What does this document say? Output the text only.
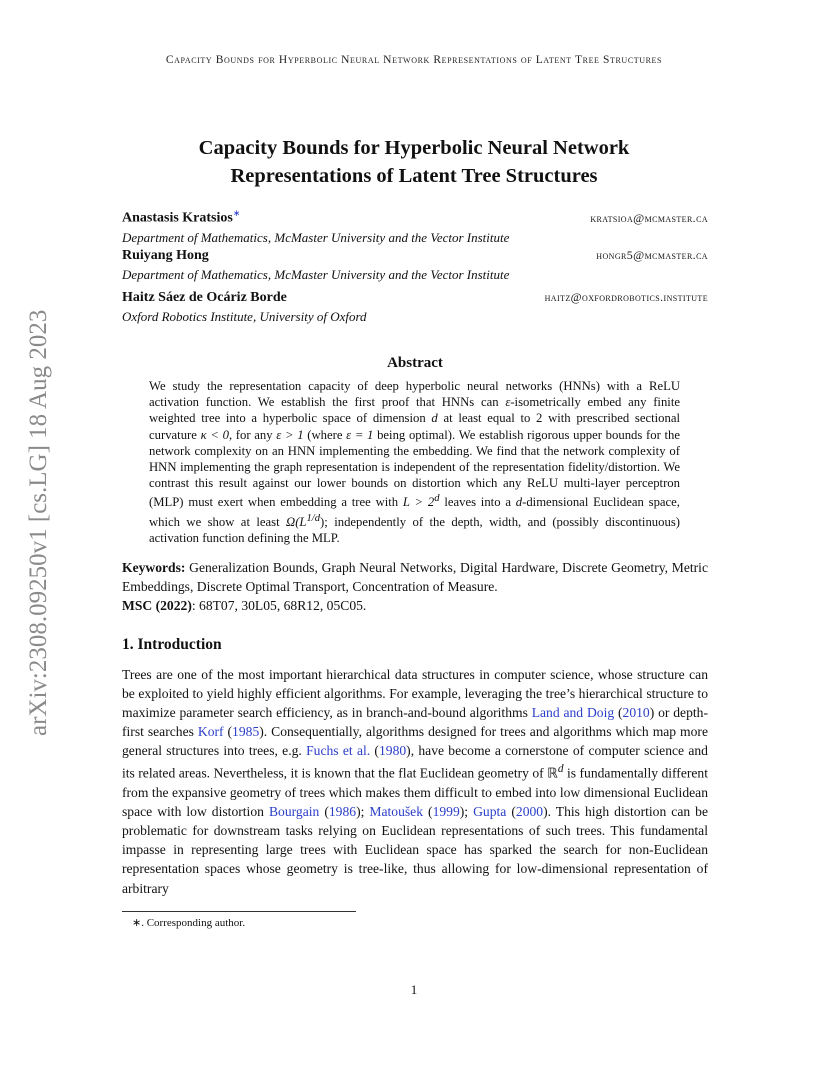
Capacity Bounds for Hyperbolic Neural Network Representations of Latent Tree Structures
arXiv:2308.09250v1 [cs.LG] 18 Aug 2023
Capacity Bounds for Hyperbolic Neural Network
Representations of Latent Tree Structures
Anastasis Kratsios∗	kratsioa@mcmaster.ca
Department of Mathematics, McMaster University and the Vector Institute
Ruiyang Hong	hongr5@mcmaster.ca
Department of Mathematics, McMaster University and the Vector Institute
Haitz Sáez de Ocáriz Borde	haitz@oxfordrobotics.institute
Oxford Robotics Institute, University of Oxford
Abstract
We study the representation capacity of deep hyperbolic neural networks (HNNs) with a ReLU activation function. We establish the first proof that HNNs can ε-isometrically embed any finite weighted tree into a hyperbolic space of dimension d at least equal to 2 with prescribed sectional curvature κ < 0, for any ε > 1 (where ε = 1 being optimal). We establish rigorous upper bounds for the network complexity on an HNN implementing the embedding. We find that the network complexity of HNN implementing the graph representation is independent of the representation fidelity/distortion. We contrast this result against our lower bounds on distortion which any ReLU multi-layer perceptron (MLP) must exert when embedding a tree with $L > 2^d$ leaves into a d-dimensional Euclidean space, which we show at least $\Omega(L^{1/d})$; independently of the depth, width, and (possibly discontinuous) activation function defining the MLP.
Keywords: Generalization Bounds, Graph Neural Networks, Digital Hardware, Discrete Geometry, Metric Embeddings, Discrete Optimal Transport, Concentration of Measure.
MSC (2022): 68T07, 30L05, 68R12, 05C05.
1. Introduction
Trees are one of the most important hierarchical data structures in computer science, whose structure can be exploited to yield highly efficient algorithms. For example, leveraging the tree’s hierarchical structure to maximize parameter search efficiency, as in branch-and-bound algorithms Land and Doig (2010) or depth-first searches Korf (1985). Consequentially, algorithms designed for trees and algorithms which map more general structures into trees, e.g. Fuchs et al. (1980), have become a cornerstone of computer science and its related areas. Nevertheless, it is known that the flat Euclidean geometry of ℝ$^d$ is fundamentally different from the expansive geometry of trees which makes them difficult to embed into low dimensional Euclidean space with low distortion Bourgain (1986); Matoušek (1999); Gupta (2000). This high distortion can be problematic for downstream tasks relying on Euclidean representations of such trees. This fundamental impasse in representing large trees with Euclidean space has sparked the search for non-Euclidean representation spaces whose geometry is tree-like, thus allowing for low-dimensional representation of arbitrary
∗. Corresponding author.
1
